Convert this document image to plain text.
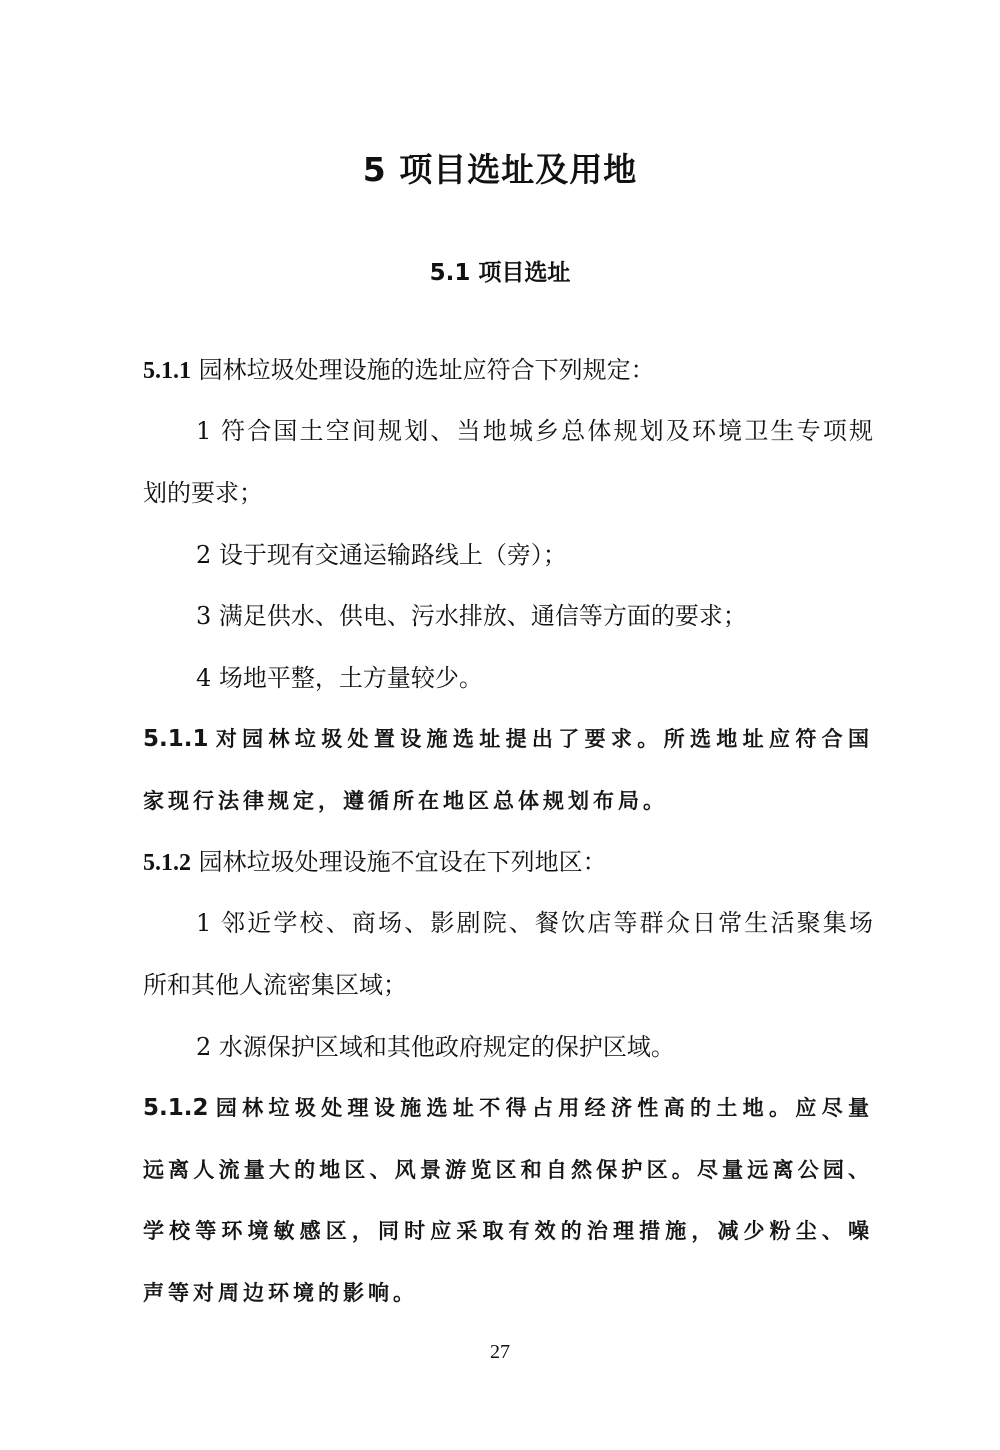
5 项目选址及用地
5.1 项目选址
5.1.1 园林垃圾处理设施的选址应符合下列规定：
1 符合国土空间规划、当地城乡总体规划及环境卫生专项规
划的要求；
2 设于现有交通运输路线上（旁）；
3 满足供水、供电、污水排放、通信等方面的要求；
4 场地平整，土方量较少。
5.1.1 对园林垃圾处置设施选址提出了要求。所选地址应符合国
家现行法律规定，遵循所在地区总体规划布局。
5.1.2 园林垃圾处理设施不宜设在下列地区：
1 邻近学校、商场、影剧院、餐饮店等群众日常生活聚集场
所和其他人流密集区域；
2 水源保护区域和其他政府规定的保护区域。
5.1.2 园林垃圾处理设施选址不得占用经济性高的土地。应尽量
远离人流量大的地区、风景游览区和自然保护区。尽量远离公园、
学校等环境敏感区，同时应采取有效的治理措施，减少粉尘、噪
声等对周边环境的影响。
27
